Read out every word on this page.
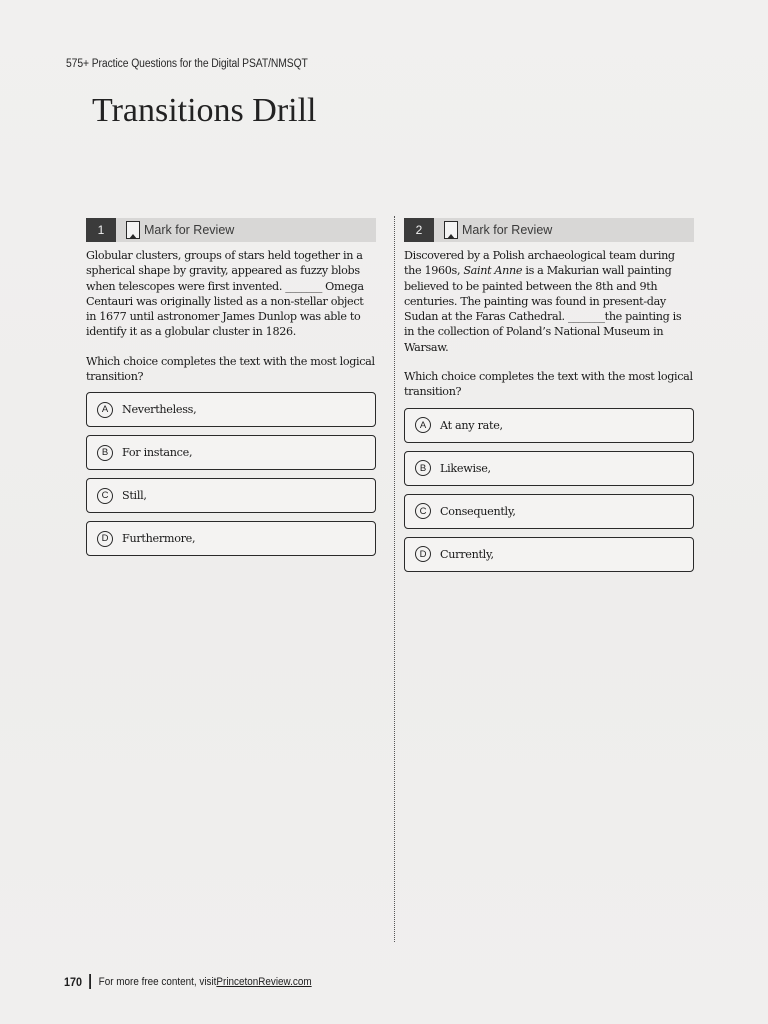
575+ Practice Questions for the Digital PSAT/NMSQT
Transitions Drill
1	Mark for Review
Globular clusters, groups of stars held together in a spherical shape by gravity, appeared as fuzzy blobs when telescopes were first invented. _______ Omega Centauri was originally listed as a non-stellar object in 1677 until astronomer James Dunlop was able to identify it as a globular cluster in 1826.
Which choice completes the text with the most logical transition?
A	Nevertheless,
B	For instance,
C	Still,
D	Furthermore,
2	Mark for Review
Discovered by a Polish archaeological team during the 1960s, Saint Anne is a Makurian wall painting believed to be painted between the 8th and 9th centuries. The painting was found in present-day Sudan at the Faras Cathedral. _______the painting is in the collection of Poland’s National Museum in Warsaw.
Which choice completes the text with the most logical transition?
A	At any rate,
B	Likewise,
C	Consequently,
D	Currently,
170 For more free content, visit PrincetonReview.com
